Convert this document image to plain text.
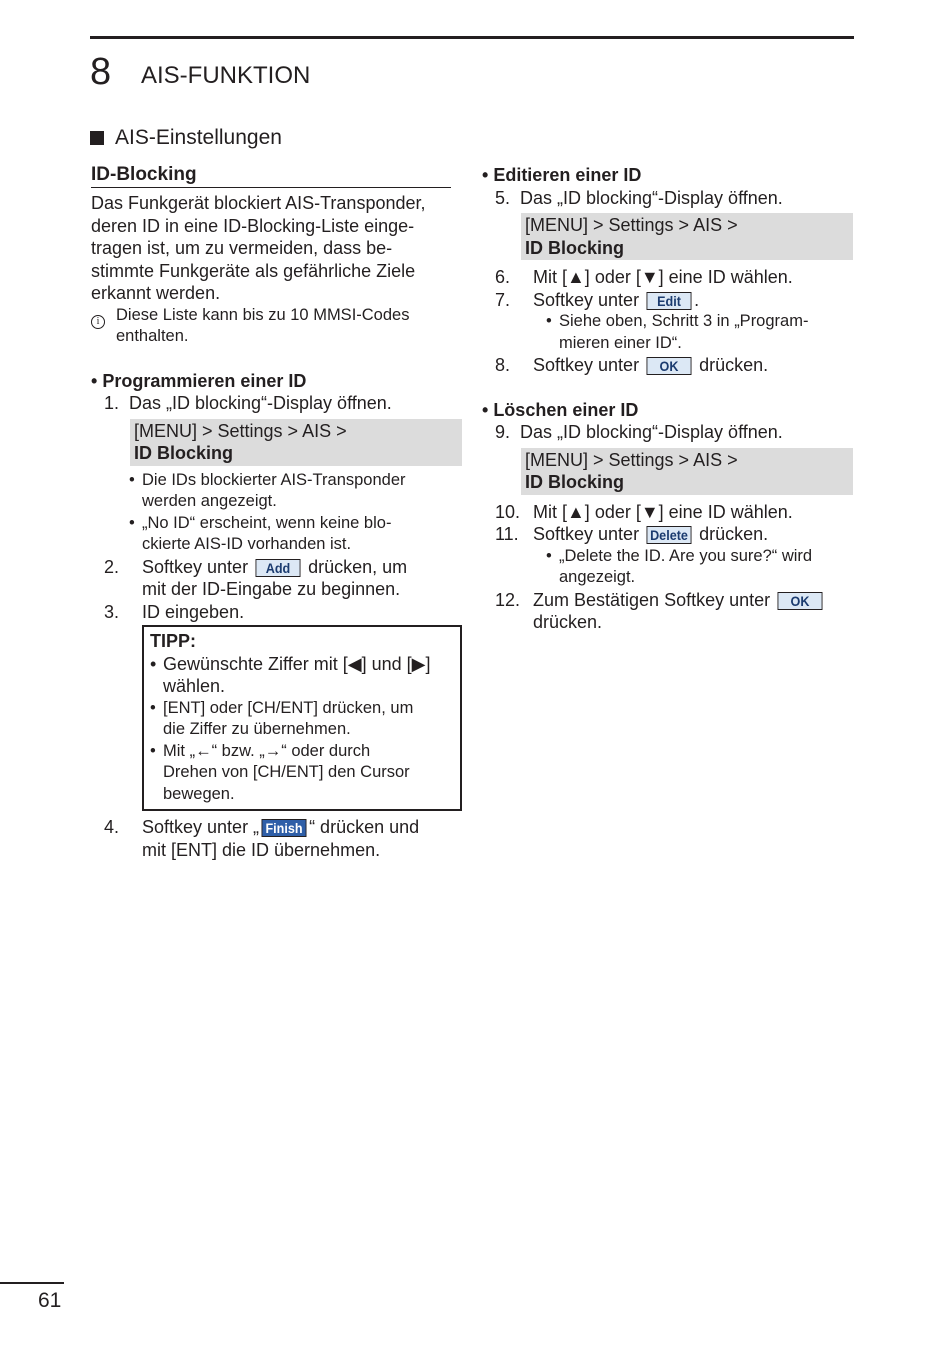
8 AIS-FUNKTION
AIS-Einstellungen
ID-Blocking

Das Funkgerät blockiert AIS-Transponder,

deren ID in eine ID-Blocking-Liste einge-

tragen ist, um zu vermeiden, dass be-

stimmte Funkgeräte als gefährliche Ziele

erkannt werden.

i	Diese Liste kann bis zu 10 MMSI-Codes

enthalten.

• Programmieren einer ID
1. Das „ID blocking“-Display öffnen.

[MENU] > Settings > AIS >

ID Blocking

• Die IDs blockierter AIS-Transponder

werden angezeigt.

• „No ID“ erscheint, wenn keine blo-

ckierte AIS-ID vorhanden ist.

2.	Softkey unter Add drücken, um

mit der ID-Eingabe zu beginnen.

3.	ID eingeben.

TIPP:

• Gewünschte Ziffer mit [◀] und [▶]

wählen.

• [ENT] oder [CH/ENT] drücken, um

die Ziffer zu übernehmen.

• Mit „←“ bzw. „→“ oder durch

Drehen von [CH/ENT] den Cursor

bewegen.

4.	Softkey unter „ Finish “ drücken und

mit [ENT] die ID übernehmen.

• Editieren einer ID
5. Das „ID blocking“-Display öffnen.

[MENU] > Settings > AIS >

ID Blocking

6.	Mit [▲] oder [▼] eine ID wählen.
7.	Softkey unter Edit .

• Siehe oben, Schritt 3 in „Program-

mieren einer ID“.

8.	Softkey unter OK drücken.

• Löschen einer ID
9. Das „ID blocking“-Display öffnen.

[MENU] > Settings > AIS >

ID Blocking

10. Mit [▲] oder [▼] eine ID wählen.
11. Softkey unter Delete drücken.

• „Delete the ID. Are you sure?“ wird

angezeigt.

12. Zum Bestätigen Softkey unter OK

drücken.

61
